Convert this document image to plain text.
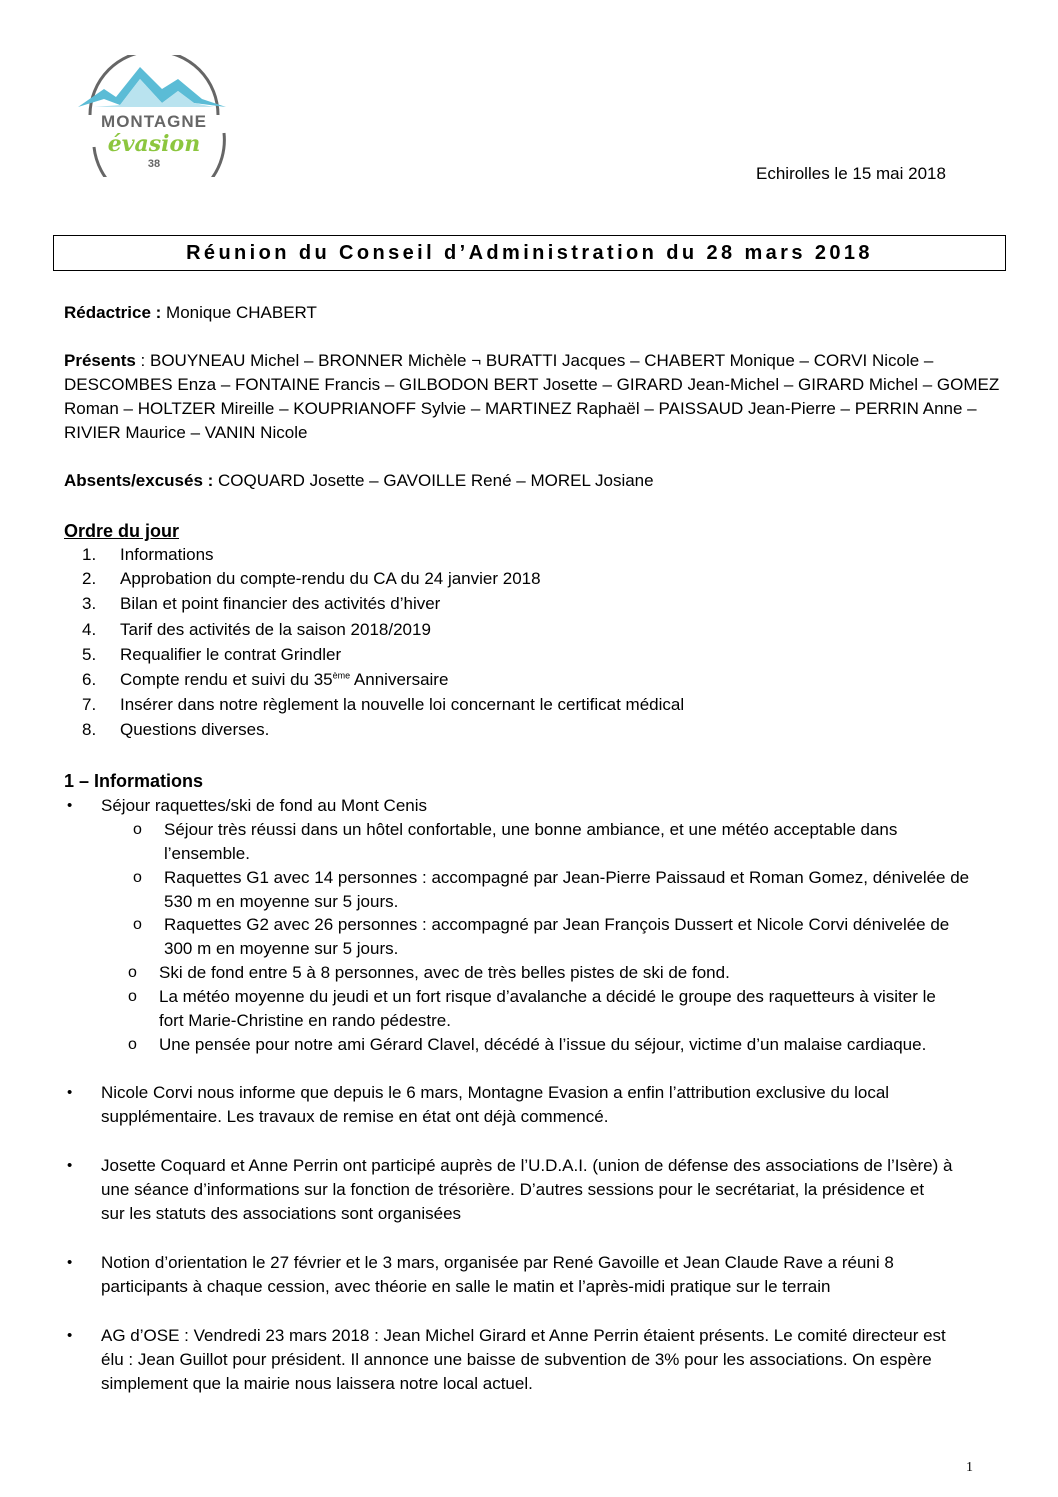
MONTAGNE
évasion
38	Echirolles le 15 mai 2018
Réunion du Conseil d’Administration du 28 mars 2018
Rédactrice : Monique CHABERT
Présents : BOUYNEAU Michel – BRONNER Michèle ¬ BURATTI Jacques – CHABERT Monique – CORVI Nicole –
DESCOMBES Enza – FONTAINE Francis – GILBODON BERT Josette – GIRARD Jean-Michel – GIRARD Michel – GOMEZ
Roman – HOLTZER Mireille – KOUPRIANOFF Sylvie – MARTINEZ Raphaël – PAISSAUD Jean-Pierre – PERRIN Anne –
RIVIER Maurice – VANIN Nicole
Absents/excusés : COQUARD Josette – GAVOILLE René – MOREL Josiane
Ordre du jour
1.	Informations
2.	Approbation du compte-rendu du CA du 24 janvier 2018
3.	Bilan et point financier des activités d’hiver
4.	Tarif des activités de la saison 2018/2019
5.	Requalifier le contrat Grindler
6.	Compte rendu et suivi du 35ème Anniversaire
7.	Insérer dans notre règlement la nouvelle loi concernant le certificat médical
8.	Questions diverses.
1 – Informations
•	Séjour raquettes/ski de fond au Mont Cenis
o Séjour très réussi dans un hôtel confortable, une bonne ambiance, et une météo acceptable dans
l’ensemble.
o Raquettes G1 avec 14 personnes : accompagné par Jean-Pierre Paissaud et Roman Gomez, dénivelée de
530 m en moyenne sur 5 jours.
o Raquettes G2 avec 26 personnes : accompagné par Jean François Dussert et Nicole Corvi dénivelée de
300 m en moyenne sur 5 jours.
o Ski de fond entre 5 à 8 personnes, avec de très belles pistes de ski de fond.
o La météo moyenne du jeudi et un fort risque d’avalanche a décidé le groupe des raquetteurs à visiter le
fort Marie-Christine en rando pédestre.
o Une pensée pour notre ami Gérard Clavel, décédé à l’issue du séjour, victime d’un malaise cardiaque.
•	Nicole Corvi nous informe que depuis le 6 mars, Montagne Evasion a enfin l’attribution exclusive du local
supplémentaire. Les travaux de remise en état ont déjà commencé.
•	Josette Coquard et Anne Perrin ont participé auprès de l’U.D.A.I. (union de défense des associations de l’Isère) à
une séance d’informations sur la fonction de trésorière. D’autres sessions pour le secrétariat, la présidence et
sur les statuts des associations sont organisées
•	Notion d’orientation le 27 février et le 3 mars, organisée par René Gavoille et Jean Claude Rave a réuni 8
participants à chaque cession, avec théorie en salle le matin et l’après-midi pratique sur le terrain
•	AG d’OSE : Vendredi 23 mars 2018 : Jean Michel Girard et Anne Perrin étaient présents. Le comité directeur est
élu : Jean Guillot pour président. Il annonce une baisse de subvention de 3% pour les associations. On espère
simplement que la mairie nous laissera notre local actuel.
1
